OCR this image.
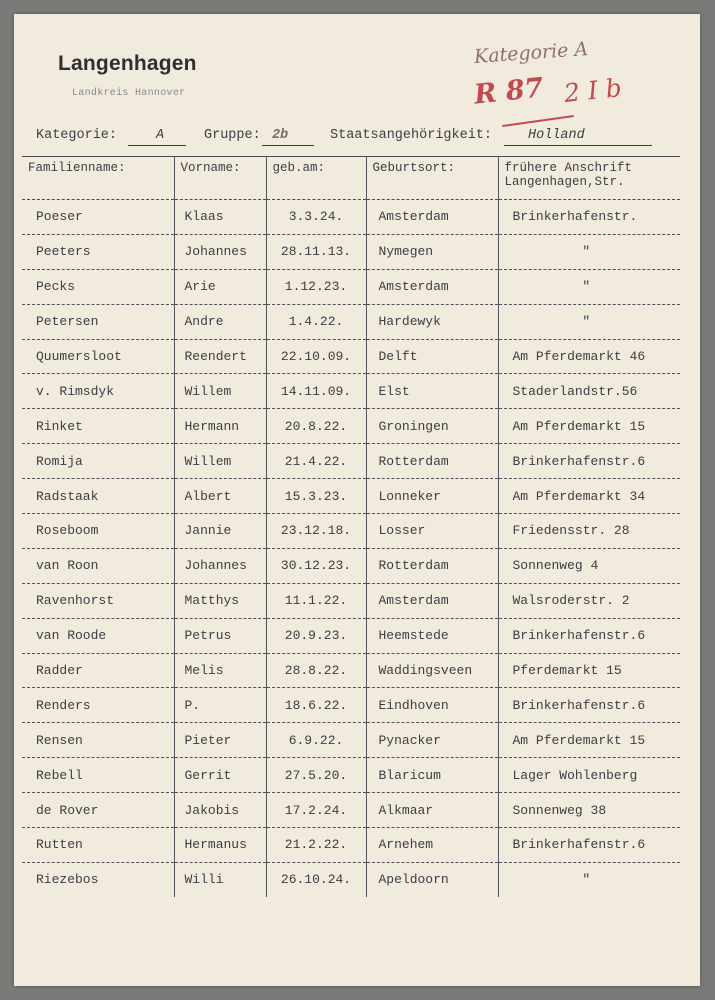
Langenhagen
Landkreis Hannover
Kategorie A
R 87 2 I b
Kategorie:	A	Gruppe: 2b	Staatsangehörigkeit:	Holland
Familienname:	Vorname:	geb.am:	Geburtsort:	frühere Anschrift Langenhagen,Str.
Poeser	Klaas	3.3.24.	Amsterdam	Brinkerhafenstr.
Peeters	Johannes	28.11.13.	Nymegen	"
Pecks	Arie	1.12.23.	Amsterdam	"
Petersen	Andre	1.4.22.	Hardewyk	"
Quumersloot	Reendert	22.10.09.	Delft	Am Pferdemarkt 46
v. Rimsdyk	Willem	14.11.09.	Elst	Staderlandstr.56
Rinket	Hermann	20.8.22.	Groningen	Am Pferdemarkt 15
Romija	Willem	21.4.22.	Rotterdam	Brinkerhafenstr.6
Radstaak	Albert	15.3.23.	Lonneker	Am Pferdemarkt 34
Roseboom	Jannie	23.12.18.	Losser	Friedensstr. 28
van Roon	Johannes	30.12.23.	Rotterdam	Sonnenweg 4
Ravenhorst	Matthys	11.1.22.	Amsterdam	Walsroderstr. 2
van Roode	Petrus	20.9.23.	Heemstede	Brinkerhafenstr.6
Radder	Melis	28.8.22.	Waddingsveen	Pferdemarkt 15
Renders	P.	18.6.22.	Eindhoven	Brinkerhafenstr.6
Rensen	Pieter	6.9.22.	Pynacker	Am Pferdemarkt 15
Rebell	Gerrit	27.5.20.	Blaricum	Lager Wohlenberg
de Rover	Jakobis	17.2.24.	Alkmaar	Sonnenweg 38
Rutten	Hermanus	21.2.22.	Arnehem	Brinkerhafenstr.6
Riezebos	Willi	26.10.24.	Apeldoorn	"
